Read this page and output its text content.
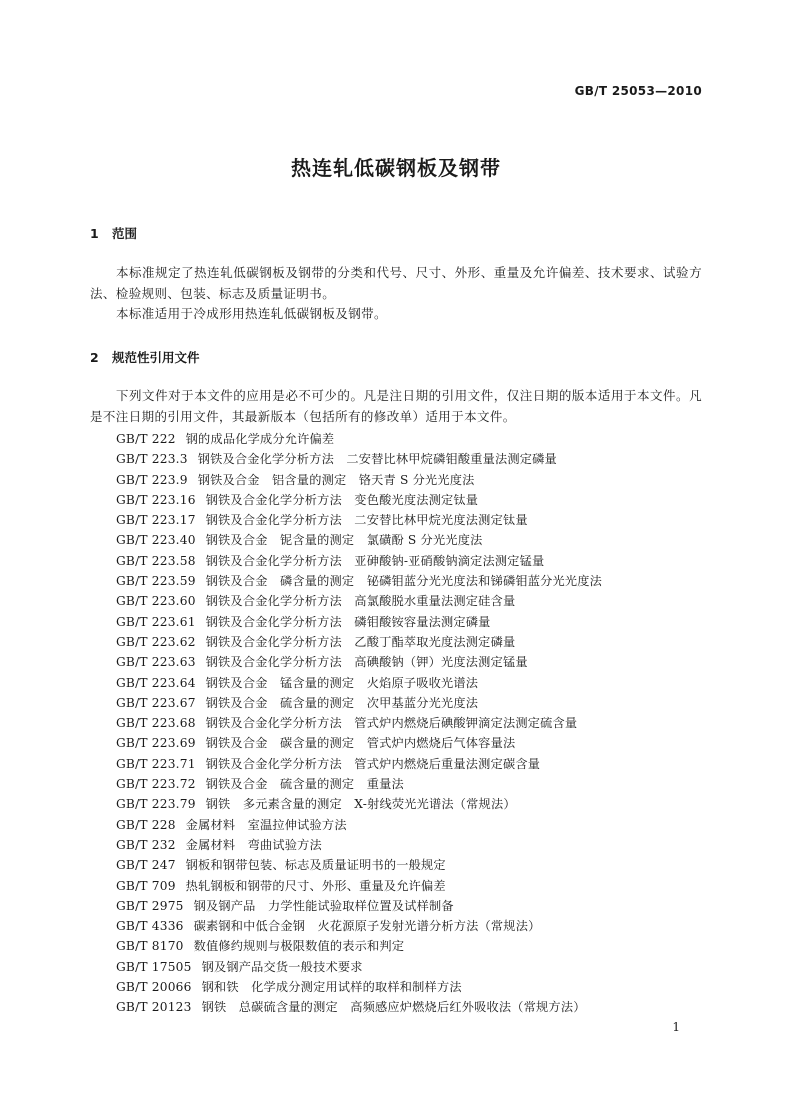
GB/T 25053—2010
热连轧低碳钢板及钢带
1 范围
本标准规定了热连轧低碳钢板及钢带的分类和代号、尺寸、外形、重量及允许偏差、技术要求、试验方法、检验规则、包装、标志及质量证明书。
本标准适用于冷成形用热连轧低碳钢板及钢带。
2 规范性引用文件
下列文件对于本文件的应用是必不可少的。凡是注日期的引用文件，仅注日期的版本适用于本文件。凡是不注日期的引用文件，其最新版本（包括所有的修改单）适用于本文件。
GB/T 222 钢的成品化学成分允许偏差
GB/T 223.3 钢铁及合金化学分析方法　二安替比林甲烷磷钼酸重量法测定磷量
GB/T 223.9 钢铁及合金　铝含量的测定　铬天青 S 分光光度法
GB/T 223.16 钢铁及合金化学分析方法　变色酸光度法测定钛量
GB/T 223.17 钢铁及合金化学分析方法　二安替比林甲烷光度法测定钛量
GB/T 223.40 钢铁及合金　铌含量的测定　氯磺酚 S 分光光度法
GB/T 223.58 钢铁及合金化学分析方法　亚砷酸钠-亚硝酸钠滴定法测定锰量
GB/T 223.59 钢铁及合金　磷含量的测定　铋磷钼蓝分光光度法和锑磷钼蓝分光光度法
GB/T 223.60 钢铁及合金化学分析方法　高氯酸脱水重量法测定硅含量
GB/T 223.61 钢铁及合金化学分析方法　磷钼酸铵容量法测定磷量
GB/T 223.62 钢铁及合金化学分析方法　乙酸丁酯萃取光度法测定磷量
GB/T 223.63 钢铁及合金化学分析方法　高碘酸钠（钾）光度法测定锰量
GB/T 223.64 钢铁及合金　锰含量的测定　火焰原子吸收光谱法
GB/T 223.67 钢铁及合金　硫含量的测定　次甲基蓝分光光度法
GB/T 223.68 钢铁及合金化学分析方法　管式炉内燃烧后碘酸钾滴定法测定硫含量
GB/T 223.69 钢铁及合金　碳含量的测定　管式炉内燃烧后气体容量法
GB/T 223.71 钢铁及合金化学分析方法　管式炉内燃烧后重量法测定碳含量
GB/T 223.72 钢铁及合金　硫含量的测定　重量法
GB/T 223.79 钢铁　多元素含量的测定　X-射线荧光光谱法（常规法）
GB/T 228 金属材料　室温拉伸试验方法
GB/T 232 金属材料　弯曲试验方法
GB/T 247 钢板和钢带包装、标志及质量证明书的一般规定
GB/T 709 热轧钢板和钢带的尺寸、外形、重量及允许偏差
GB/T 2975 钢及钢产品　力学性能试验取样位置及试样制备
GB/T 4336 碳素钢和中低合金钢　火花源原子发射光谱分析方法（常规法）
GB/T 8170 数值修约规则与极限数值的表示和判定
GB/T 17505 钢及钢产品交货一般技术要求
GB/T 20066 钢和铁　化学成分测定用试样的取样和制样方法
GB/T 20123 钢铁　总碳硫含量的测定　高频感应炉燃烧后红外吸收法（常规方法）
1
